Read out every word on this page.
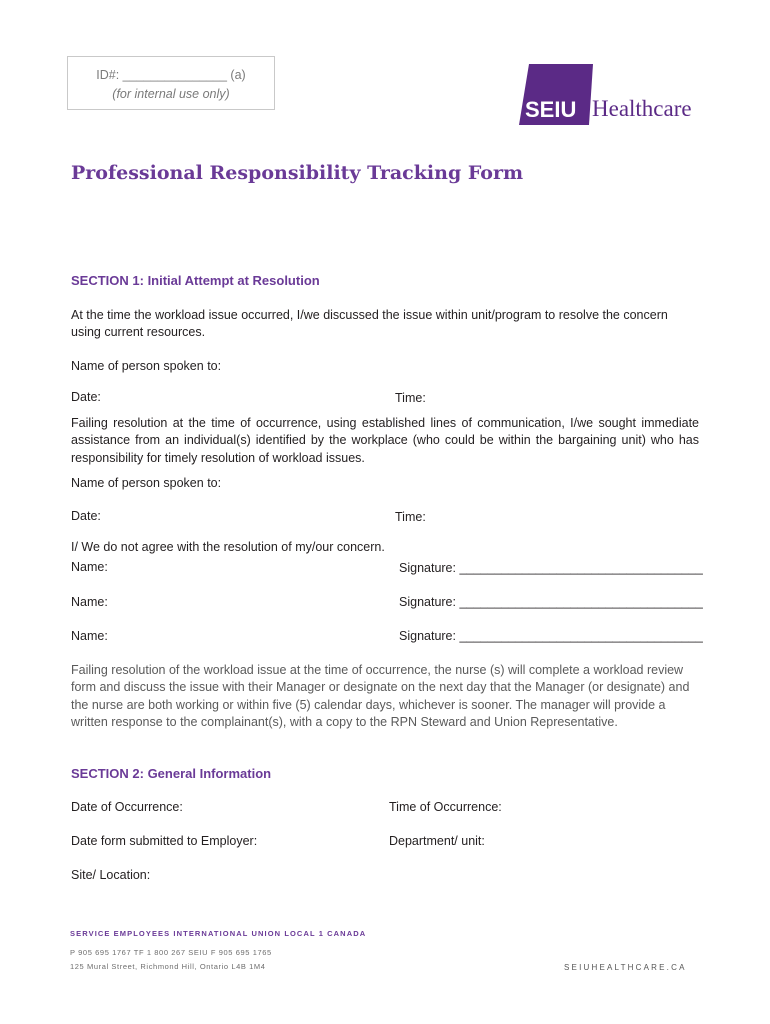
ID#: _______________ (a)
(for internal use only)
SEIU Healthcare
Professional Responsibility Tracking Form
SECTION 1: Initial Attempt at Resolution
At the time the workload issue occurred, I/we discussed the issue within unit/program to resolve the concern using current resources.
Name of person spoken to:
Date:	Time:
Failing resolution at the time of occurrence, using established lines of communication, I/we sought immediate assistance from an individual(s) identified by the workplace (who could be within the bargaining unit) who has responsibility for timely resolution of workload issues.
Name of person spoken to:
Date:	Time:
I/ We do not agree with the resolution of my/our concern.
Name:	Signature: ___________________________________
Name:	Signature: ___________________________________
Name:	Signature: ___________________________________
Failing resolution of the workload issue at the time of occurrence, the nurse (s) will complete a workload review form and discuss the issue with their Manager or designate on the next day that the Manager (or designate) and the nurse are both working or within five (5) calendar days, whichever is sooner. The manager will provide a written response to the complainant(s), with a copy to the RPN Steward and Union Representative.
SECTION 2: General Information
Date of Occurrence:	Time of Occurrence:
Date form submitted to Employer:	Department/ unit:
Site/ Location:
SERVICE EMPLOYEES INTERNATIONAL UNION LOCAL 1 CANADA
P 905 695 1767 TF 1 800 267 SEIU F 905 695 1765
125 Mural Street, Richmond Hill, Ontario L4B 1M4	SEIUHEALTHCARE.CA
